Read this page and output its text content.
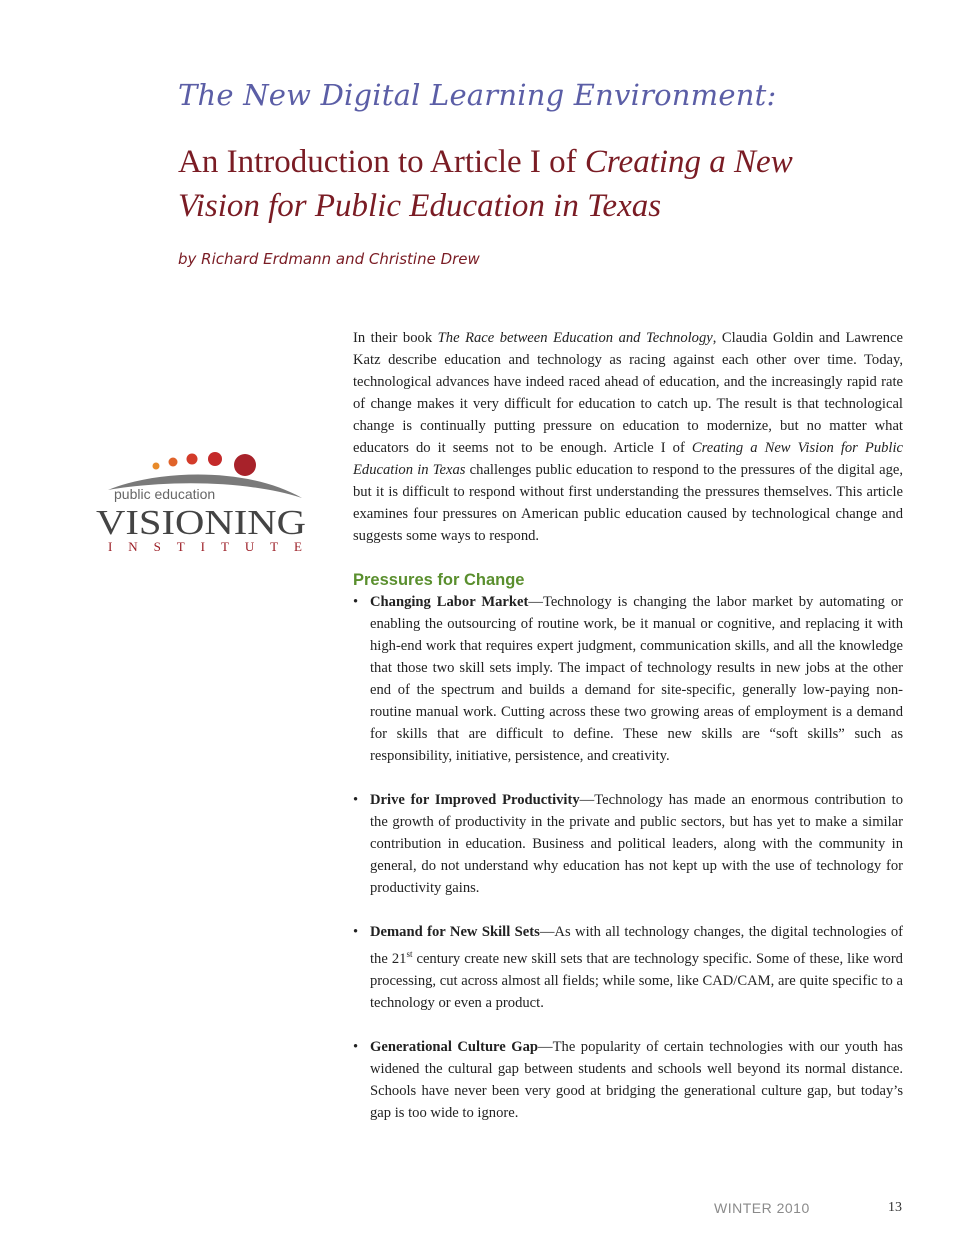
The New Digital Learning Environment:
An Introduction to Article I of Creating a New
Vision for Public Education in Texas
by Richard Erdmann and Christine Drew
public education
VISIONING
INSTITUTE

In their book The Race between Education and Technology, Claudia Goldin and Lawrence Katz describe education and technology as racing against each other over time. Today, technological advances have indeed raced ahead of education, and the increasingly rapid rate of change makes it very difficult for education to catch up. The result is that technological change is continually putting pressure on education to modernize, but no matter what educators do it seems not to be enough. Article I of Creating a New Vision for Public Education in Texas challenges public education to respond to the pressures of the digital age, but it is difficult to respond without first understanding the pressures themselves. This article examines four pressures on American public education caused by technological change and suggests some ways to respond.

Pressures for Change
• Changing Labor Market—Technology is changing the labor market by automating or enabling the outsourcing of routine work, be it manual or cognitive, and replacing it with high-end work that requires expert judgment, communication skills, and all the knowledge that those two skill sets imply. The impact of technology results in new jobs at the other end of the spectrum and builds a demand for site-specific, generally low-paying non-routine manual work. Cutting across these two growing areas of employment is a demand for skills that are difficult to define. These new skills are “soft skills” such as responsibility, initiative, persistence, and creativity.
• Drive for Improved Productivity—Technology has made an enormous contribution to the growth of productivity in the private and public sectors, but has yet to make a similar contribution in education. Business and political leaders, along with the community in general, do not understand why education has not kept up with the use of technology for productivity gains.
• Demand for New Skill Sets—As with all technology changes, the digital technologies of the 21st century create new skill sets that are technology specific. Some of these, like word processing, cut across almost all fields; while some, like CAD/CAM, are quite specific to a technology or even a product.
• Generational Culture Gap—The popularity of certain technologies with our youth has widened the cultural gap between students and schools well beyond its normal distance. Schools have never been very good at bridging the generational culture gap, but today’s gap is too wide to ignore.
WINTER 2010	13
